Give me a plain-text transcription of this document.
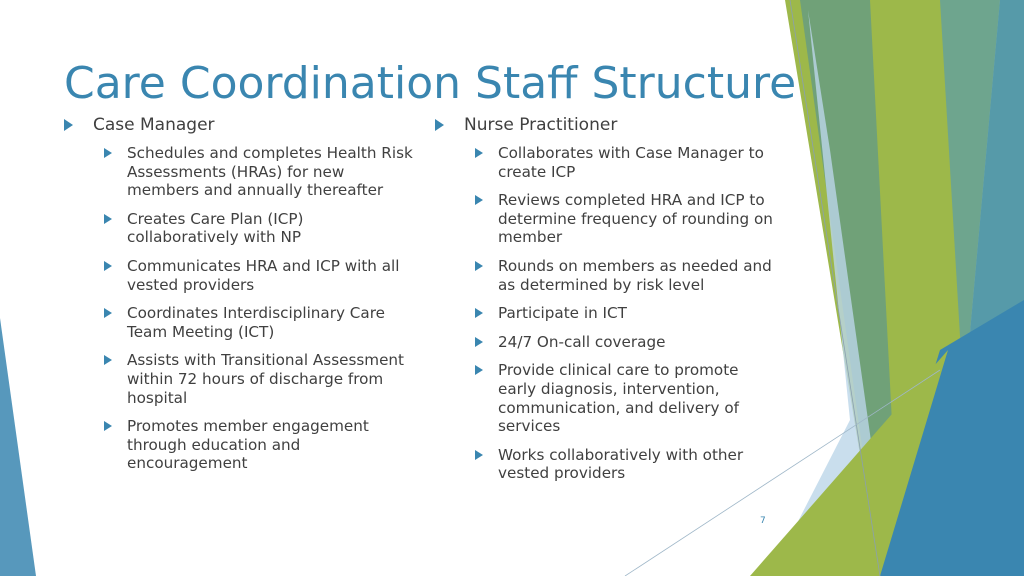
Care Coordination Staff Structure
Case Manager
Schedules and completes Health Risk Assessments (HRAs) for new members and annually thereafter
Creates Care Plan (ICP) collaboratively with NP
Communicates HRA and ICP with all vested providers
Coordinates Interdisciplinary Care Team Meeting (ICT)
Assists with Transitional Assessment within 72 hours of discharge from hospital
Promotes member engagement through education and encouragement
Nurse Practitioner
Collaborates with Case Manager to create ICP
Reviews completed HRA and ICP to determine frequency of rounding on member
Rounds on members as needed and as determined by risk level
Participate in ICT
24/7 On-call coverage
Provide clinical care to promote early diagnosis, intervention, communication, and delivery of services
Works collaboratively with other vested providers
7
